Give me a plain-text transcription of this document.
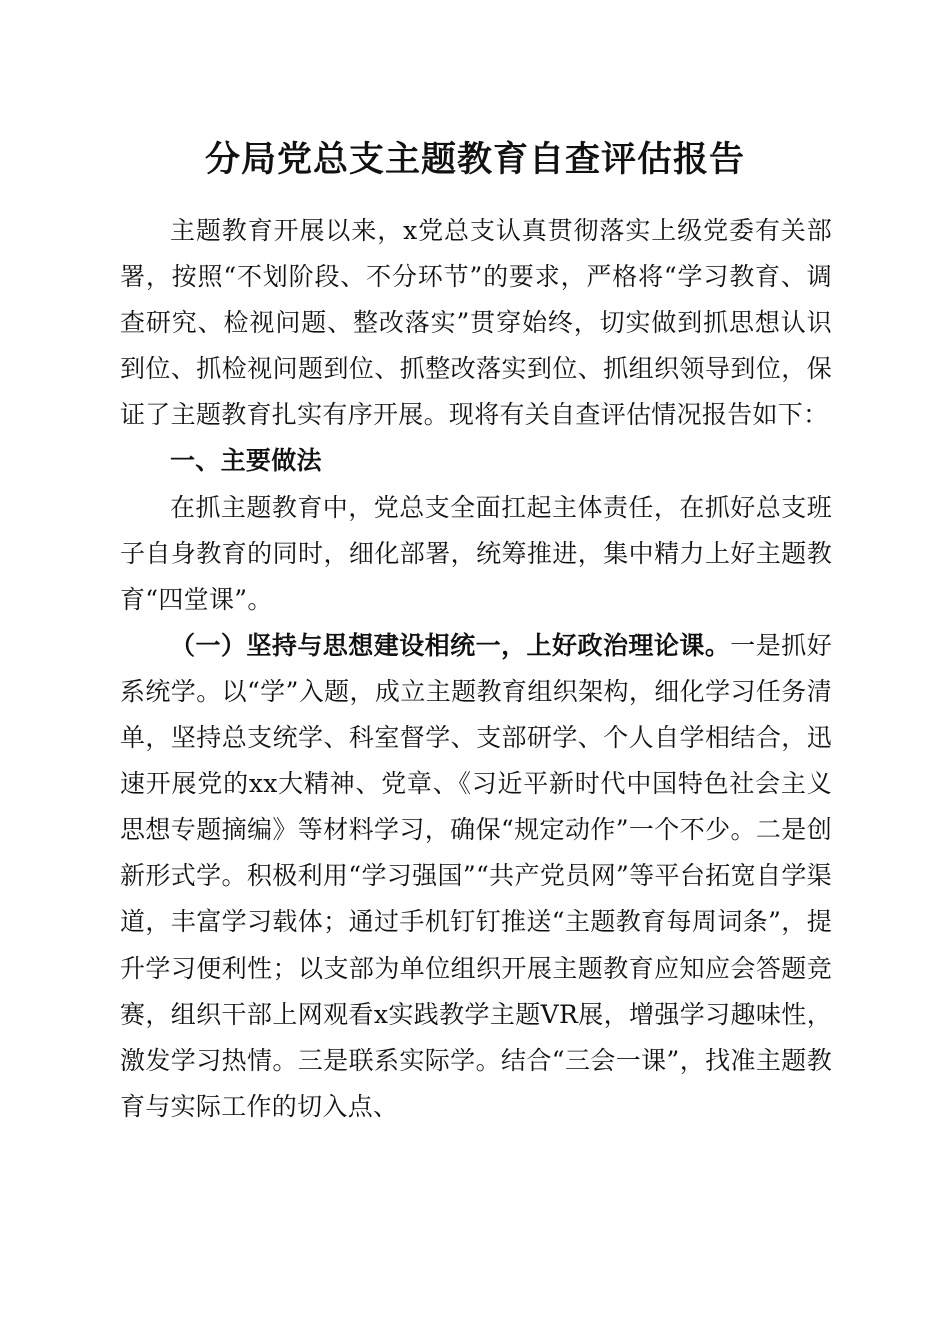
分局党总支主题教育自查评估报告

主题教育开展以来，x党总支认真贯彻落实上级党委有关部署，按照“不划阶段、不分环节”的要求，严格将“学习教育、调查研究、检视问题、整改落实”贯穿始终，切实做到抓思想认识到位、抓检视问题到位、抓整改落实到位、抓组织领导到位，保证了主题教育扎实有序开展。现将有关自查评估情况报告如下：

一、主要做法

在抓主题教育中，党总支全面扛起主体责任，在抓好总支班子自身教育的同时，细化部署，统筹推进，集中精力上好主题教育“四堂课”。

（一）坚持与思想建设相统一，上好政治理论课。一是抓好系统学。以“学”入题，成立主题教育组织架构，细化学习任务清单，坚持总支统学、科室督学、支部研学、个人自学相结合，迅速开展党的xx大精神、党章、《习近平新时代中国特色社会主义思想专题摘编》等材料学习，确保“规定动作”一个不少。二是创新形式学。积极利用“学习强国”“共产党员网”等平台拓宽自学渠道，丰富学习载体；通过手机钉钉推送“主题教育每周词条”，提升学习便利性；以支部为单位组织开展主题教育应知应会答题竞赛，组织干部上网观看x实践教学主题VR展，增强学习趣味性，激发学习热情。三是联系实际学。结合“三会一课”，找准主题教育与实际工作的切入点、
